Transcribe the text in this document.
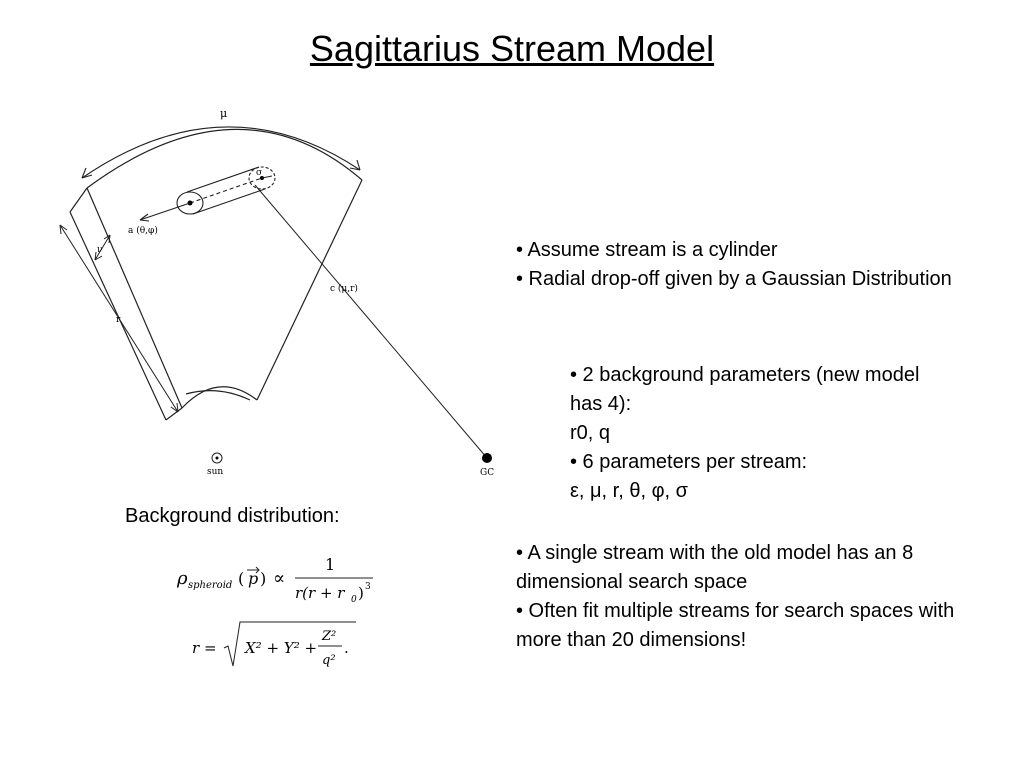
Sagittarius Stream Model
μ
σ
a (θ,φ)
c (μ,r)
ν
r
sun	GC

• Assume stream is a cylinder

• Radial drop-off given by a Gaussian Distribution

• 2 background parameters (new model has 4):

r0, q

• 6 parameters per stream:

ε, μ, r, θ, φ, σ

• A single stream with the old model has an 8 dimensional search space

• Often fit multiple streams for search spaces with more than 20 dimensions!

Background distribution:
ρ spheroid ( p ) ∝
1
r(r + r 0 ) 3
r = X² + Y² +
Z²
q²
.
